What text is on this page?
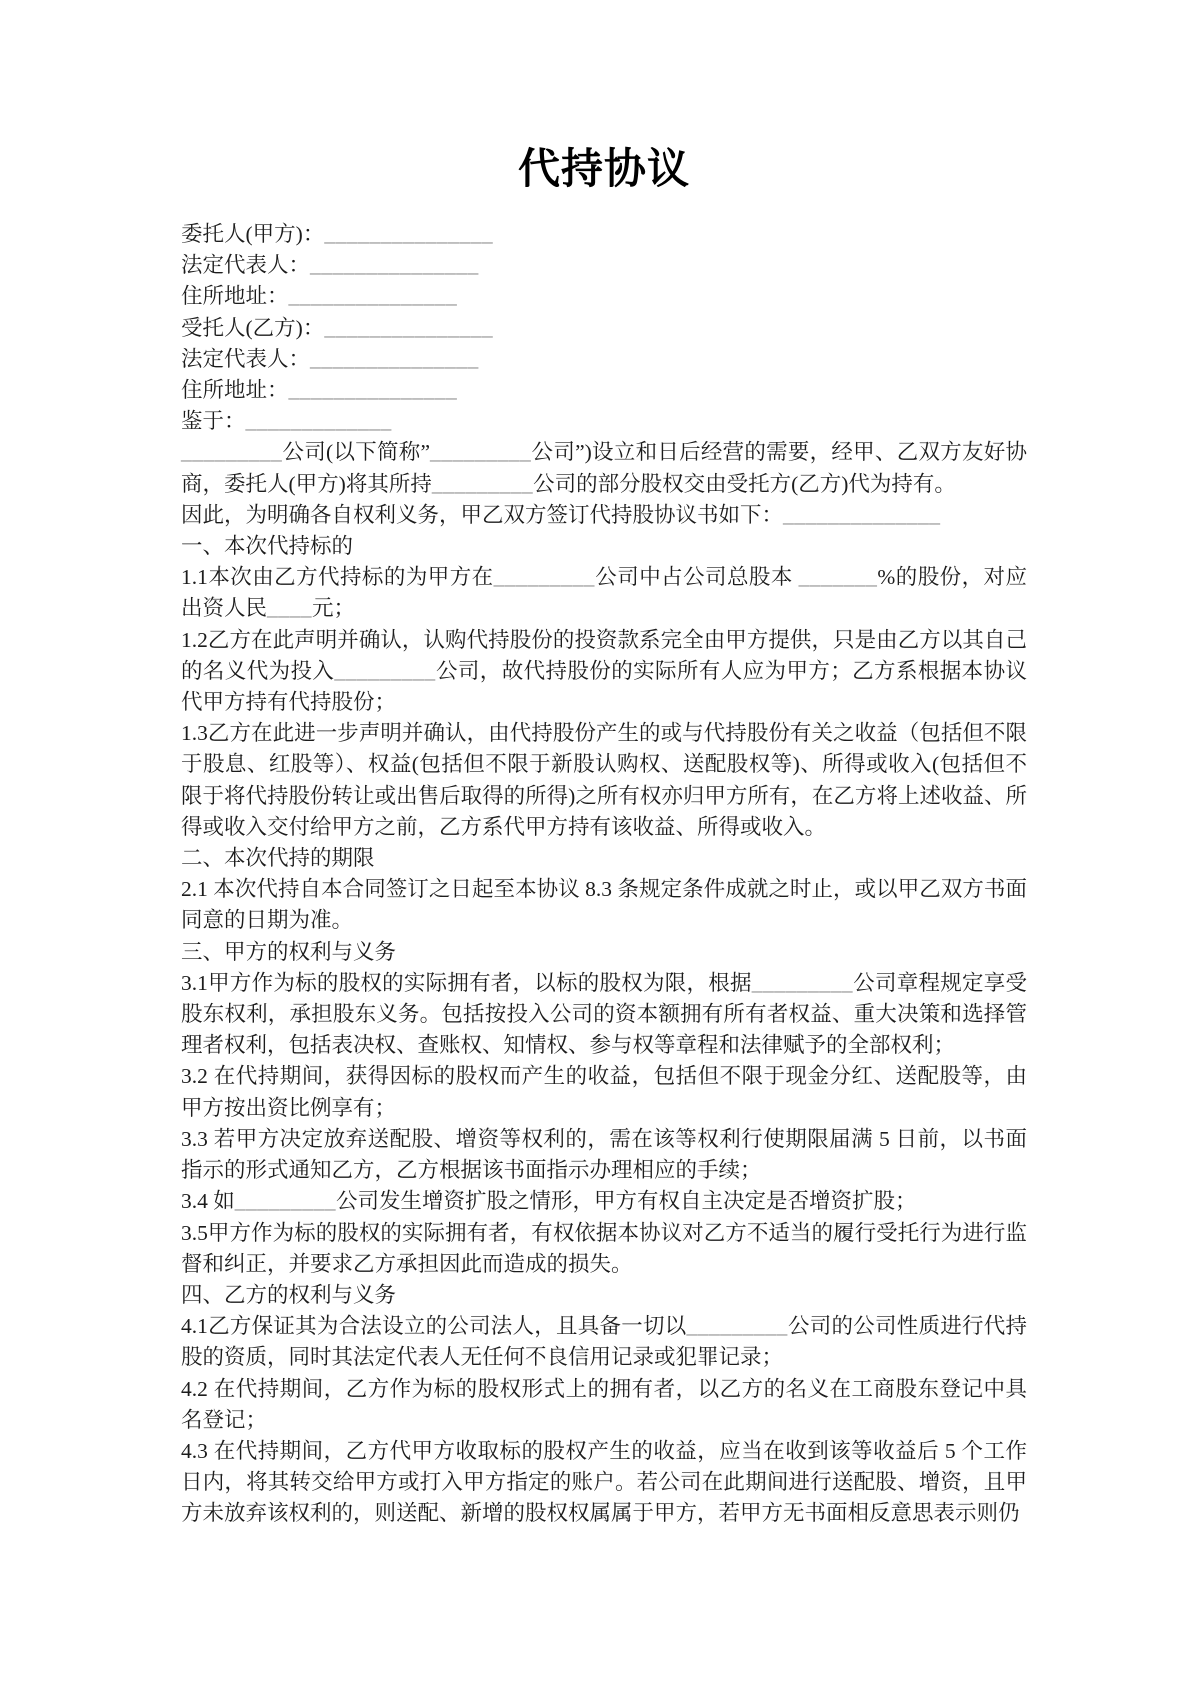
代持协议
委托人(甲方)：_______________
法定代表人：_______________
住所地址：_______________
受托人(乙方)：_______________
法定代表人：_______________
住所地址：_______________
鉴于：_____________

_________公司(以下简称”_________公司”)设立和日后经营的需要，经甲、乙双方友好协商，委托人(甲方)将其所持_________公司的部分股权交由受托方(乙方)代为持有。

因此，为明确各自权利义务，甲乙双方签订代持股协议书如下：______________

一、本次代持标的

1.1本次由乙方代持标的为甲方在_________公司中占公司总股本 _______%的股份，对应出资人民____元；

1.2乙方在此声明并确认，认购代持股份的投资款系完全由甲方提供，只是由乙方以其自己的名义代为投入_________公司，故代持股份的实际所有人应为甲方；乙方系根据本协议代甲方持有代持股份；

1.3乙方在此进一步声明并确认，由代持股份产生的或与代持股份有关之收益（包括但不限于股息、红股等）、权益(包括但不限于新股认购权、送配股权等)、所得或收入(包括但不限于将代持股份转让或出售后取得的所得)之所有权亦归甲方所有，在乙方将上述收益、所得或收入交付给甲方之前，乙方系代甲方持有该收益、所得或收入。

二、本次代持的期限

2.1 本次代持自本合同签订之日起至本协议 8.3 条规定条件成就之时止，或以甲乙双方书面同意的日期为准。

三、甲方的权利与义务

3.1甲方作为标的股权的实际拥有者，以标的股权为限，根据_________公司章程规定享受股东权利，承担股东义务。包括按投入公司的资本额拥有所有者权益、重大决策和选择管理者权利，包括表决权、查账权、知情权、参与权等章程和法律赋予的全部权利；

3.2 在代持期间，获得因标的股权而产生的收益，包括但不限于现金分红、送配股等，由甲方按出资比例享有；

3.3 若甲方决定放弃送配股、增资等权利的，需在该等权利行使期限届满 5 日前，以书面指示的形式通知乙方，乙方根据该书面指示办理相应的手续；

3.4 如_________公司发生增资扩股之情形，甲方有权自主决定是否增资扩股；

3.5甲方作为标的股权的实际拥有者，有权依据本协议对乙方不适当的履行受托行为进行监督和纠正，并要求乙方承担因此而造成的损失。

四、乙方的权利与义务

4.1乙方保证其为合法设立的公司法人，且具备一切以_________公司的公司性质进行代持股的资质，同时其法定代表人无任何不良信用记录或犯罪记录；

4.2 在代持期间，乙方作为标的股权形式上的拥有者，以乙方的名义在工商股东登记中具名登记；

4.3 在代持期间，乙方代甲方收取标的股权产生的收益，应当在收到该等收益后 5 个工作日内，将其转交给甲方或打入甲方指定的账户。若公司在此期间进行送配股、增资，且甲方未放弃该权利的，则送配、新增的股权权属属于甲方，若甲方无书面相反意思表示则仍
